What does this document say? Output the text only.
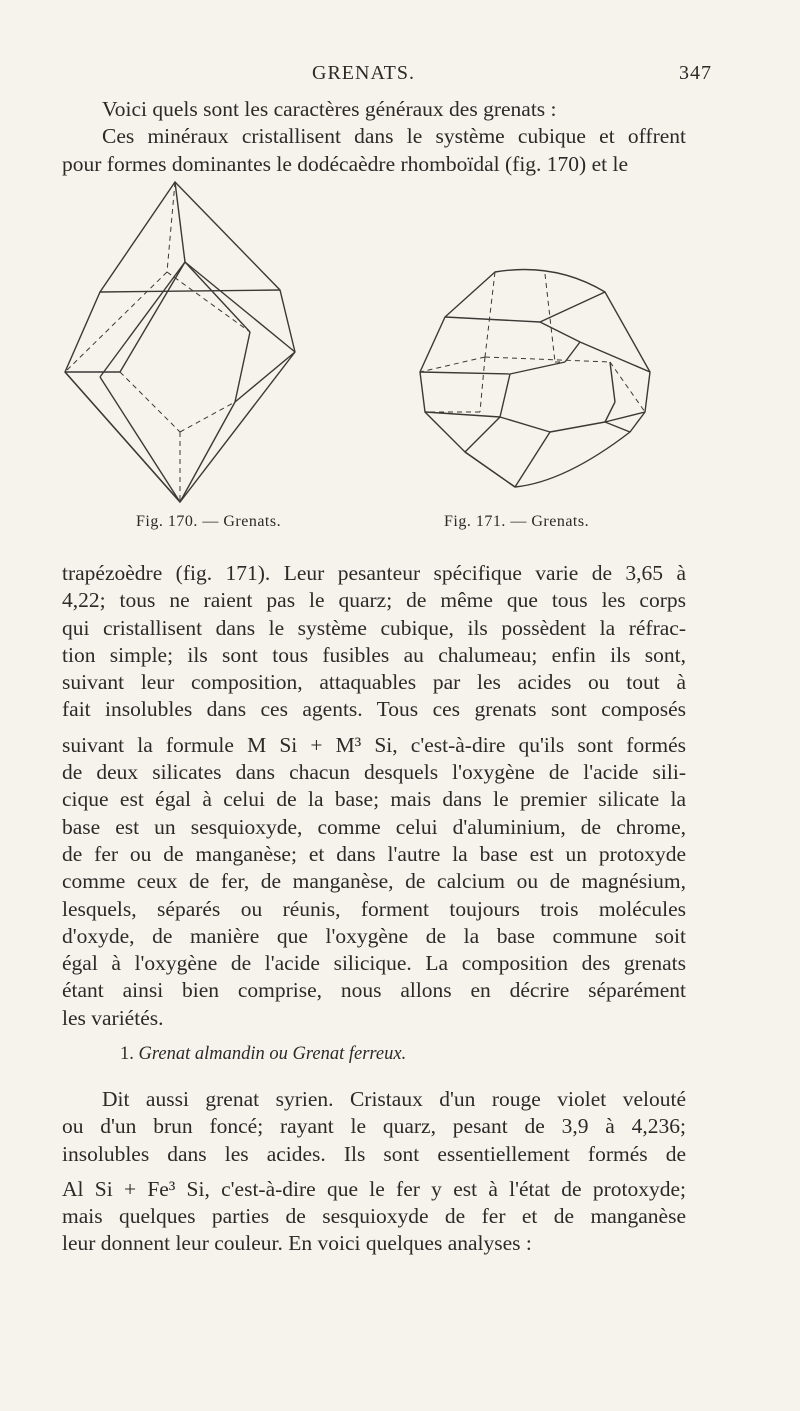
GRENATS.	347
Voici quels sont les caractères généraux des grenats :
Ces minéraux cristallisent dans le système cubique et offrent
pour formes dominantes le dodécaèdre rhomboïdal (fig. 170) et le
Fig. 170. — Grenats.	Fig. 171. — Grenats.
trapézoèdre (fig. 171). Leur pesanteur spécifique varie de 3,65 à
4,22; tous ne raient pas le quarz; de même que tous les corps
qui cristallisent dans le système cubique, ils possèdent la réfrac-
tion simple; ils sont tous fusibles au chalumeau; enfin ils sont,
suivant leur composition, attaquables par les acides ou tout à
fait insolubles dans ces agents. Tous ces grenats sont composés
suivant la formule M Si + M³ Si, c'est-à-dire qu'ils sont formés
de deux silicates dans chacun desquels l'oxygène de l'acide sili-
cique est égal à celui de la base; mais dans le premier silicate la
base est un sesquioxyde, comme celui d'aluminium, de chrome,
de fer ou de manganèse; et dans l'autre la base est un protoxyde
comme ceux de fer, de manganèse, de calcium ou de magnésium,
lesquels, séparés ou réunis, forment toujours trois molécules
d'oxyde, de manière que l'oxygène de la base commune soit
égal à l'oxygène de l'acide silicique. La composition des grenats
étant ainsi bien comprise, nous allons en décrire séparément
les variétés.
1. Grenat almandin ou Grenat ferreux.
Dit aussi grenat syrien. Cristaux d'un rouge violet velouté
ou d'un brun foncé; rayant le quarz, pesant de 3,9 à 4,236;
insolubles dans les acides. Ils sont essentiellement formés de
Al Si + Fe³ Si, c'est-à-dire que le fer y est à l'état de protoxyde;
mais quelques parties de sesquioxyde de fer et de manganèse
leur donnent leur couleur. En voici quelques analyses :
